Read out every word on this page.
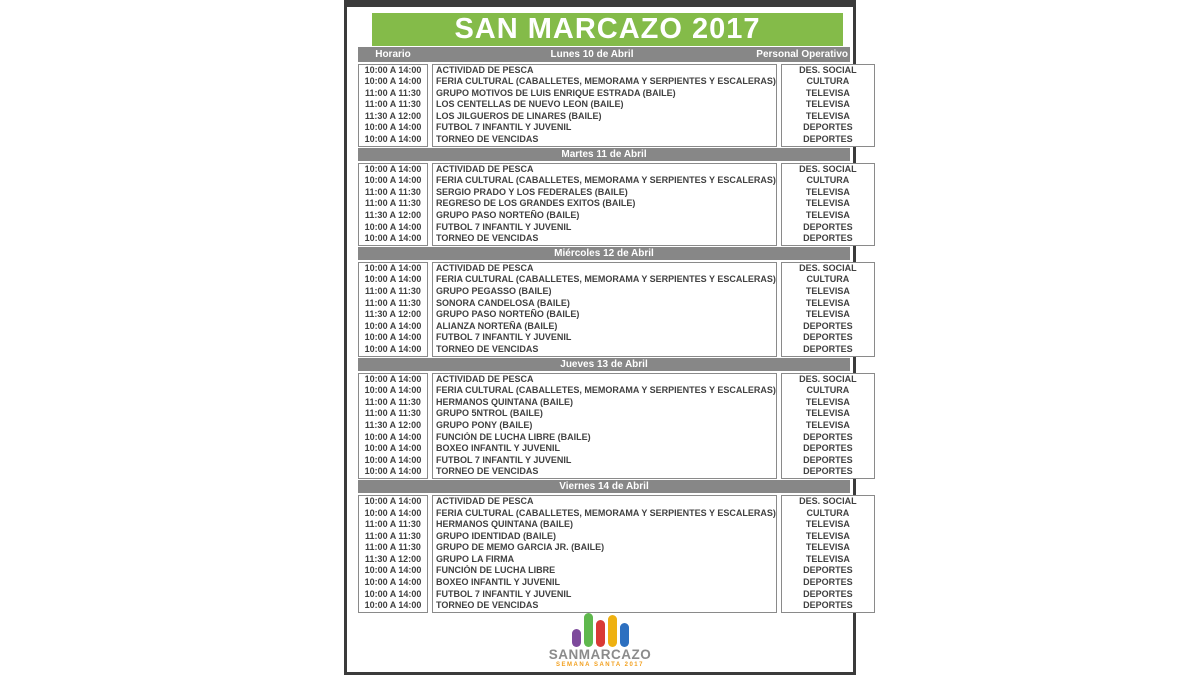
SAN MARCAZO 2017
Horario	Lunes 10 de Abril	Personal Operativo
10:00 A 14:00
10:00 A 14:00
11:00 A 11:30
11:00 A 11:30
11:30 A 12:00
10:00 A 14:00
10:00 A 14:00
ACTIVIDAD DE PESCA
FERIA CULTURAL (CABALLETES, MEMORAMA Y SERPIENTES Y ESCALERAS)
GRUPO MOTIVOS DE LUIS ENRIQUE ESTRADA (BAILE)
LOS CENTELLAS DE NUEVO LEON (BAILE)
LOS JILGUEROS DE LINARES (BAILE)
FUTBOL 7 INFANTIL Y JUVENIL
TORNEO DE VENCIDAS
DES. SOCIAL
CULTURA
TELEVISA
TELEVISA
TELEVISA
DEPORTES
DEPORTES
Martes 11 de Abril
10:00 A 14:00
10:00 A 14:00
11:00 A 11:30
11:00 A 11:30
11:30 A 12:00
10:00 A 14:00
10:00 A 14:00
ACTIVIDAD DE PESCA
FERIA CULTURAL (CABALLETES, MEMORAMA Y SERPIENTES Y ESCALERAS)
SERGIO PRADO Y LOS FEDERALES (BAILE)
REGRESO DE LOS GRANDES EXITOS (BAILE)
GRUPO PASO NORTEÑO (BAILE)
FUTBOL 7 INFANTIL Y JUVENIL
TORNEO DE VENCIDAS
DES. SOCIAL
CULTURA
TELEVISA
TELEVISA
TELEVISA
DEPORTES
DEPORTES
Miércoles 12 de Abril
10:00 A 14:00
10:00 A 14:00
11:00 A 11:30
11:00 A 11:30
11:30 A 12:00
10:00 A 14:00
10:00 A 14:00
10:00 A 14:00
ACTIVIDAD DE PESCA
FERIA CULTURAL (CABALLETES, MEMORAMA Y SERPIENTES Y ESCALERAS)
GRUPO PEGASSO (BAILE)
SONORA CANDELOSA (BAILE)
GRUPO PASO NORTEÑO (BAILE)
ALIANZA NORTEÑA (BAILE)
FUTBOL 7 INFANTIL Y JUVENIL
TORNEO DE VENCIDAS
DES. SOCIAL
CULTURA
TELEVISA
TELEVISA
TELEVISA
DEPORTES
DEPORTES
DEPORTES
Jueves 13 de Abril
10:00 A 14:00
10:00 A 14:00
11:00 A 11:30
11:00 A 11:30
11:30 A 12:00
10:00 A 14:00
10:00 A 14:00
10:00 A 14:00
10:00 A 14:00
ACTIVIDAD DE PESCA
FERIA CULTURAL (CABALLETES, MEMORAMA Y SERPIENTES Y ESCALERAS)
HERMANOS QUINTANA (BAILE)
GRUPO 5NTROL (BAILE)
GRUPO PONY (BAILE)
FUNCIÓN DE LUCHA LIBRE (BAILE)
BOXEO INFANTIL Y JUVENIL
FUTBOL 7 INFANTIL Y JUVENIL
TORNEO DE VENCIDAS
DES. SOCIAL
CULTURA
TELEVISA
TELEVISA
TELEVISA
DEPORTES
DEPORTES
DEPORTES
DEPORTES
Viernes 14 de Abril
10:00 A 14:00
10:00 A 14:00
11:00 A 11:30
11:00 A 11:30
11:00 A 11:30
11:30 A 12:00
10:00 A 14:00
10:00 A 14:00
10:00 A 14:00
10:00 A 14:00
ACTIVIDAD DE PESCA
FERIA CULTURAL (CABALLETES, MEMORAMA Y SERPIENTES Y ESCALERAS)
HERMANOS QUINTANA (BAILE)
GRUPO IDENTIDAD (BAILE)
GRUPO DE MEMO GARCIA JR. (BAILE)
GRUPO LA FIRMA
FUNCIÓN DE LUCHA LIBRE
BOXEO INFANTIL Y JUVENIL
FUTBOL 7 INFANTIL Y JUVENIL
TORNEO DE VENCIDAS
DES. SOCIAL
CULTURA
TELEVISA
TELEVISA
TELEVISA
TELEVISA
DEPORTES
DEPORTES
DEPORTES
DEPORTES
SANMARCAZO
SEMANA SANTA 2017
